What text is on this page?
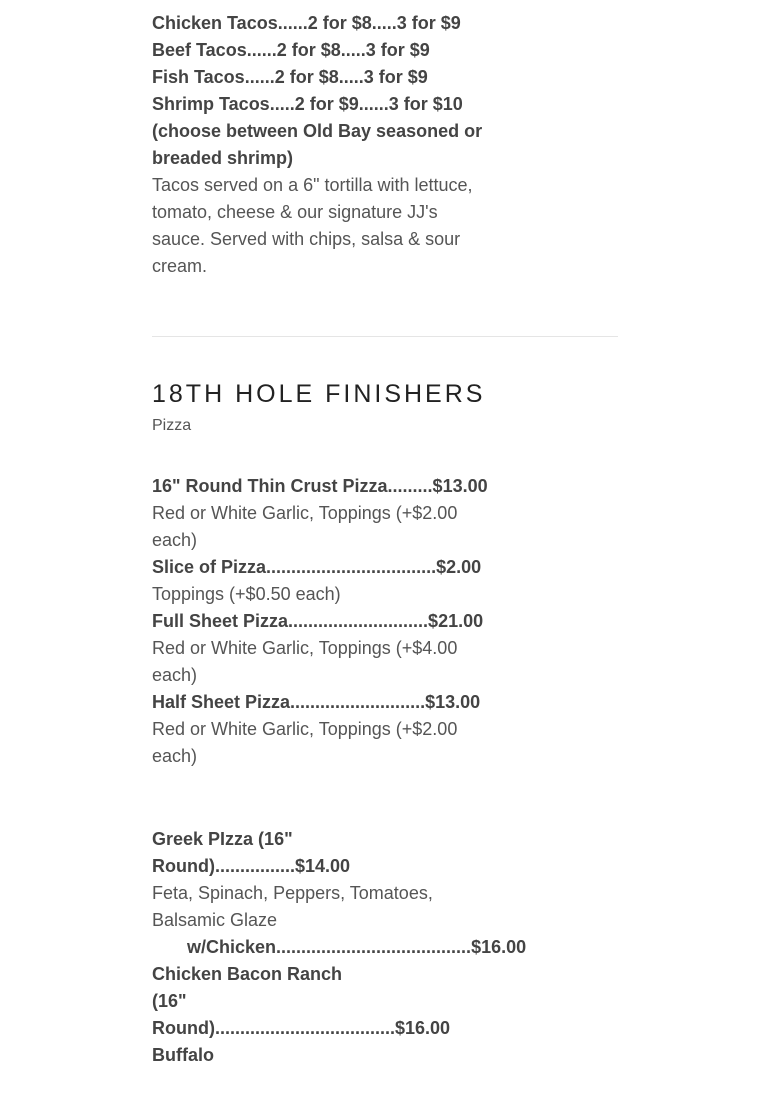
Chicken Tacos......2 for $8.....3 for $9
Beef Tacos......2 for $8.....3 for $9
Fish Tacos......2 for $8.....3 for $9
Shrimp Tacos.....2 for $9......3 for $10
(choose between Old Bay seasoned or breaded shrimp)
Tacos served on a 6" tortilla with lettuce, tomato, cheese & our signature JJ's sauce. Served with chips, salsa & sour cream.
18TH HOLE FINISHERS
Pizza
16" Round Thin Crust Pizza.........$13.00
Red or White Garlic, Toppings (+$2.00 each)
Slice of Pizza..................................$2.00
Toppings (+$0.50 each)
Full Sheet Pizza............................$21.00
Red or White Garlic, Toppings (+$4.00 each)
Half Sheet Pizza...........................$13.00
Red or White Garlic, Toppings (+$2.00 each)
Greek PIzza (16" Round)................$14.00
Feta, Spinach, Peppers, Tomatoes, Balsamic Glaze
w/Chicken.......................................$16.00
Chicken Bacon Ranch
(16"
Round)....................................$16.00
Buffalo
